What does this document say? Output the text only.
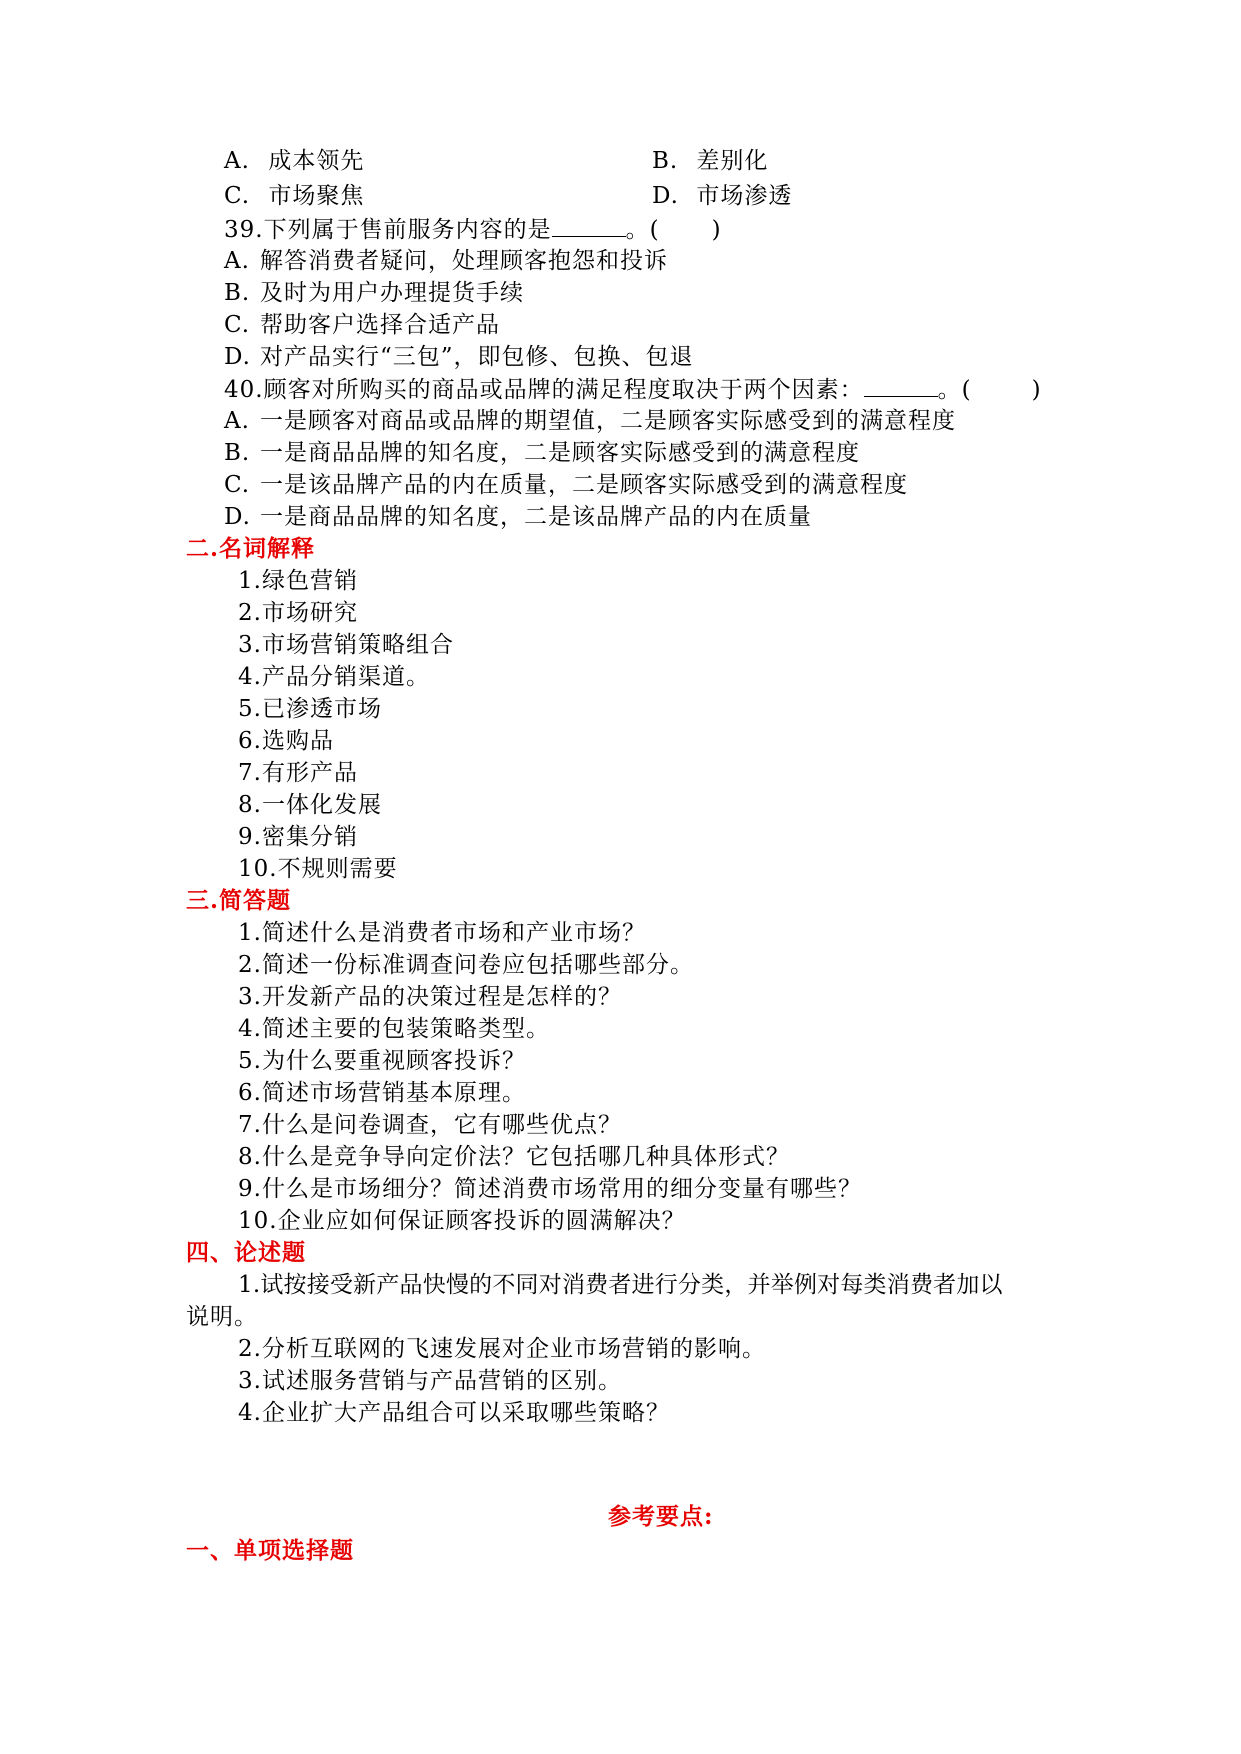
A. 成本领先	B. 差别化
C. 市场聚焦	D. 市场渗透
39.下列属于售前服务内容的是	。( )
A. 解答消费者疑问，处理顾客抱怨和投诉
B. 及时为用户办理提货手续
C. 帮助客户选择合适产品
D. 对产品实行“三包”，即包修、包换、包退
40.顾客对所购买的商品或品牌的满足程度取决于两个因素：	。(	)
A. 一是顾客对商品或品牌的期望值，二是顾客实际感受到的满意程度
B. 一是商品品牌的知名度，二是顾客实际感受到的满意程度
C. 一是该品牌产品的内在质量，二是顾客实际感受到的满意程度
D. 一是商品品牌的知名度，二是该品牌产品的内在质量
二.名词解释
1.绿色营销
2.市场研究
3.市场营销策略组合
4.产品分销渠道。
5.已渗透市场
6.选购品
7.有形产品
8.一体化发展
9.密集分销
10.不规则需要
三.简答题
1.简述什么是消费者市场和产业市场？
2.简述一份标准调查问卷应包括哪些部分。
3.开发新产品的决策过程是怎样的？
4.简述主要的包装策略类型。
5.为什么要重视顾客投诉？
6.简述市场营销基本原理。
7.什么是问卷调查，它有哪些优点？
8.什么是竞争导向定价法？它包括哪几种具体形式？
9.什么是市场细分？简述消费市场常用的细分变量有哪些？
10.企业应如何保证顾客投诉的圆满解决？
四、论述题
1.试按接受新产品快慢的不同对消费者进行分类，并举例对每类消费者加以
说明。
2.分析互联网的飞速发展对企业市场营销的影响。
3.试述服务营销与产品营销的区别。
4.企业扩大产品组合可以采取哪些策略？
参考要点:
一、单项选择题
